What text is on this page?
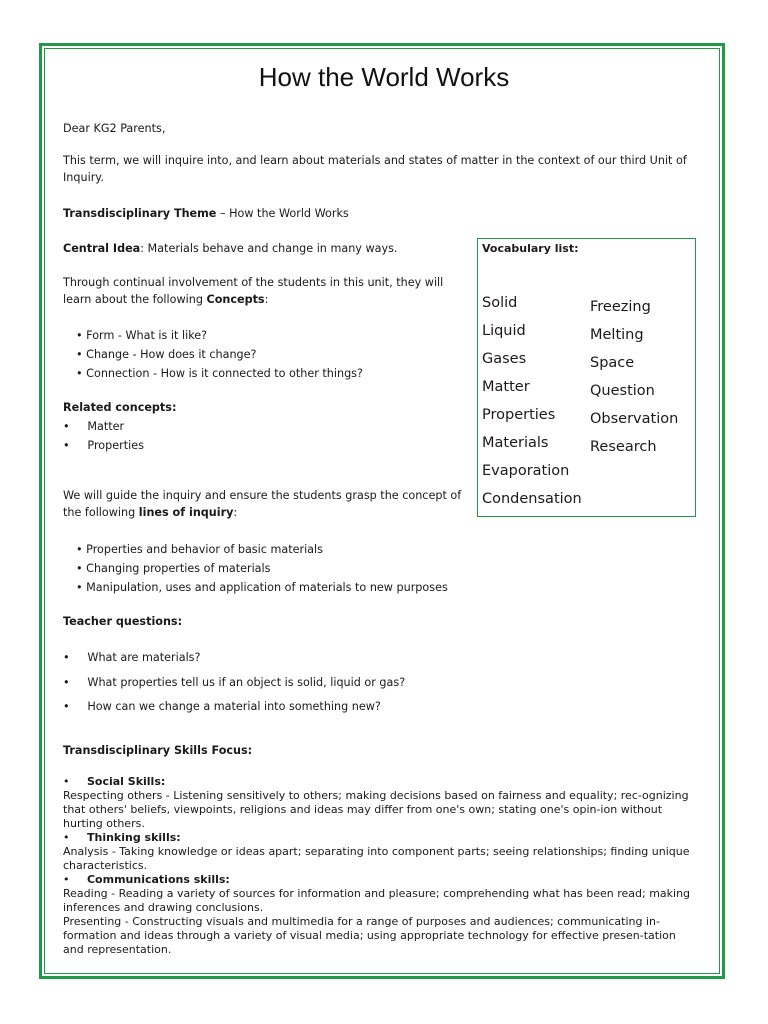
How the World Works
Dear KG2 Parents,
This term, we will inquire into, and learn about materials and states of matter in the context of our third Unit of Inquiry.
Transdisciplinary Theme – How the World Works
Central Idea: Materials behave and change in many ways.
Through continual involvement of the students in this unit, they will learn about the following Concepts:
• Form - What is it like?
• Change - How does it change?
• Connection - How is it connected to other things?
Related concepts:
•     Matter
•     Properties
We will guide the inquiry and ensure the students grasp the concept of the following lines of inquiry:
• Properties and behavior of basic materials
• Changing properties of materials
• Manipulation, uses and application of materials to new purposes
Teacher questions:
•     What are materials?
•     What properties tell us if an object is solid, liquid or gas?
•     How can we change a material into something new?
Vocabulary list:
Solid
Liquid
Gases
Matter
Properties
Materials
Evaporation
Condensation
Freezing
Melting
Space
Question
Observation
Research
Transdisciplinary Skills Focus:
•     Social Skills:
Respecting others - Listening sensitively to others; making decisions based on fairness and equality; rec-ognizing that others' beliefs, viewpoints, religions and ideas may differ from one's own; stating one's opin-ion without hurting others.
•     Thinking skills:
Analysis - Taking knowledge or ideas apart; separating into component parts; seeing relationships; finding unique characteristics.
•     Communications skills:
Reading - Reading a variety of sources for information and pleasure; comprehending what has been read; making inferences and drawing conclusions.
Presenting - Constructing visuals and multimedia for a range of purposes and audiences; communicating in-formation and ideas through a variety of visual media; using appropriate technology for effective presen-tation and representation.
